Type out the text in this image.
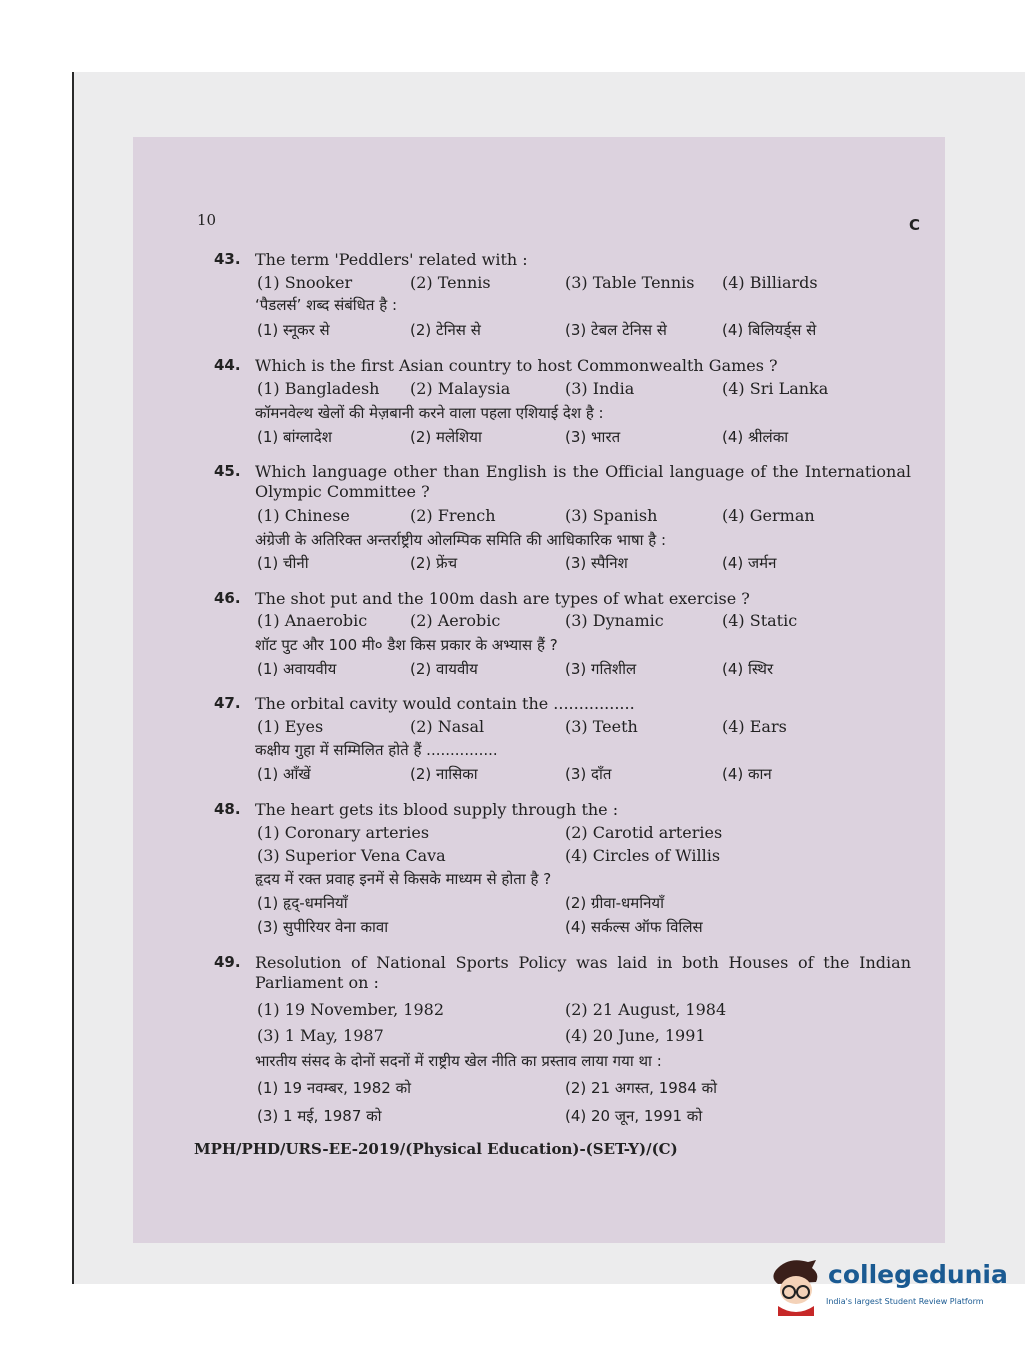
10	C
43. The term 'Peddlers' related with :
(1) Snooker	(2) Tennis	(3) Table Tennis (4) Billiards
‘पैडलर्स’ शब्द संबंधित है :
(1) स्नूकर से	(2) टेनिस से	(3) टेबल टेनिस से	(4) बिलियर्ड्स से
44. Which is the first Asian country to host Commonwealth Games ?
(1) Bangladesh (2) Malaysia	(3) India	(4) Sri Lanka
कॉमनवेल्थ खेलों की मेज़बानी करने वाला पहला एशियाई देश है :
(1) बांग्लादेश	(2) मलेशिया	(3) भारत	(4) श्रीलंका
45. Which language other than English is the Official language of the International Olympic Committee ?
(1) Chinese	(2) French	(3) Spanish	(4) German
अंग्रेजी के अतिरिक्त अन्तर्राष्ट्रीय ओलम्पिक समिति की आधिकारिक भाषा है :
(1) चीनी	(2) फ्रेंच	(3) स्पैनिश	(4) जर्मन
46. The shot put and the 100m dash are types of what exercise ?
(1) Anaerobic	(2) Aerobic	(3) Dynamic	(4) Static
शॉट पुट और 100 मी० डैश किस प्रकार के अभ्यास हैं ?
(1) अवायवीय	(2) वायवीय	(3) गतिशील	(4) स्थिर
47. The orbital cavity would contain the ................
(1) Eyes	(2) Nasal	(3) Teeth	(4) Ears
कक्षीय गुहा में सम्मिलित होते हैं ...............
(1) आँखें	(2) नासिका	(3) दाँत	(4) कान
48. The heart gets its blood supply through the :
(1) Coronary arteries	(2) Carotid arteries
(3) Superior Vena Cava	(4) Circles of Willis
हृदय में रक्त प्रवाह इनमें से किसके माध्यम से होता है ?
(1) हृद्-धमनियाँ	(2) ग्रीवा-धमनियाँ
(3) सुपीरियर वेना कावा	(4) सर्कल्स ऑफ विलिस
49. Resolution of National Sports Policy was laid in both Houses of the Indian Parliament on :
(1) 19 November, 1982	(2) 21 August, 1984
(3) 1 May, 1987	(4) 20 June, 1991
भारतीय संसद के दोनों सदनों में राष्ट्रीय खेल नीति का प्रस्ताव लाया गया था :
(1) 19 नवम्बर, 1982 को	(2) 21 अगस्त, 1984 को
(3) 1 मई, 1987 को	(4) 20 जून, 1991 को
MPH/PHD/URS-EE-2019/(Physical Education)-(SET-Y)/(C)
collegedunia
India's largest Student Review Platform
